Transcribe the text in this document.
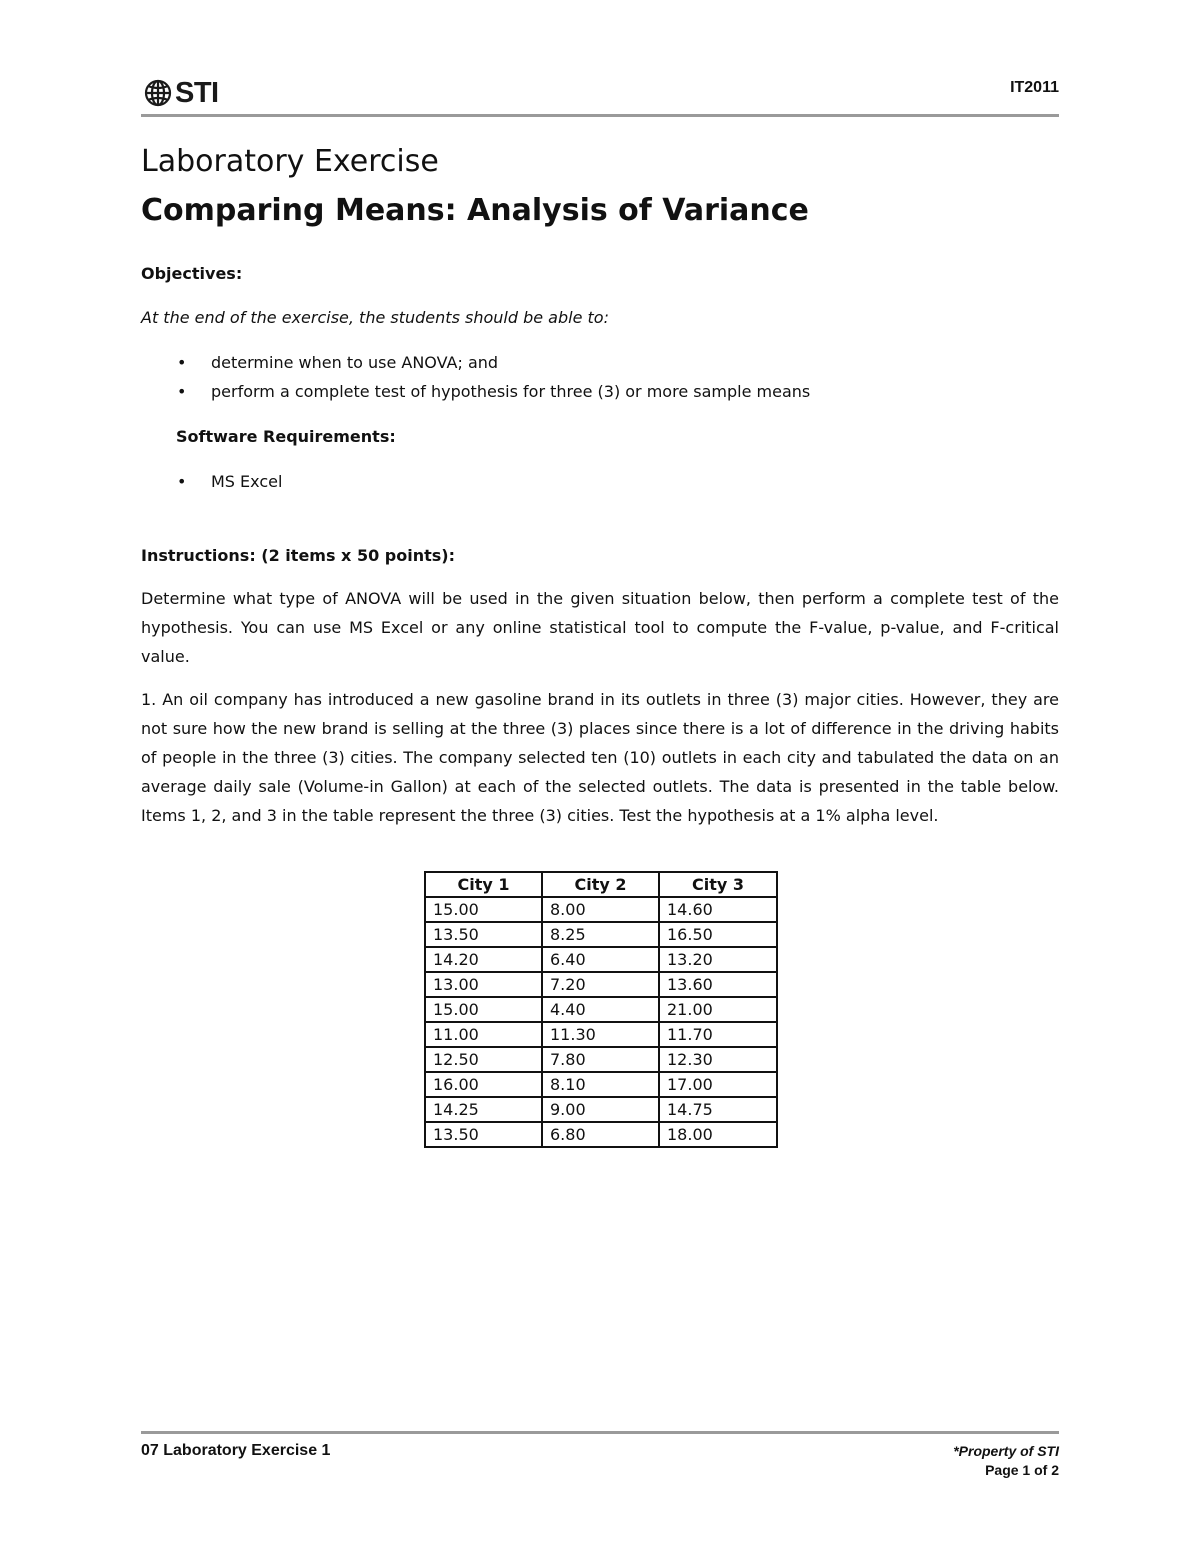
STI	IT2011
Laboratory Exercise
Comparing Means: Analysis of Variance
Objectives:
At the end of the exercise, the students should be able to:
• determine when to use ANOVA; and
• perform a complete test of hypothesis for three (3) or more sample means
Software Requirements:
• MS Excel
Instructions: (2 items x 50 points):
Determine what type of ANOVA will be used in the given situation below, then perform a complete test of the hypothesis. You can use MS Excel or any online statistical tool to compute the F-value, p-value, and F-critical value.
1. An oil company has introduced a new gasoline brand in its outlets in three (3) major cities. However, they are not sure how the new brand is selling at the three (3) places since there is a lot of difference in the driving habits of people in the three (3) cities. The company selected ten (10) outlets in each city and tabulated the data on an average daily sale (Volume-in Gallon) at each of the selected outlets. The data is presented in the table below. Items 1, 2, and 3 in the table represent the three (3) cities. Test the hypothesis at a 1% alpha level.
City 1	City 2	City 3
15.00	8.00	14.60
13.50	8.25	16.50
14.20	6.40	13.20
13.00	7.20	13.60
15.00	4.40	21.00
11.00	11.30	11.70
12.50	7.80	12.30
16.00	8.10	17.00
14.25	9.00	14.75
13.50	6.80	18.00
07 Laboratory Exercise 1	*Property of STI
Page 1 of 2
